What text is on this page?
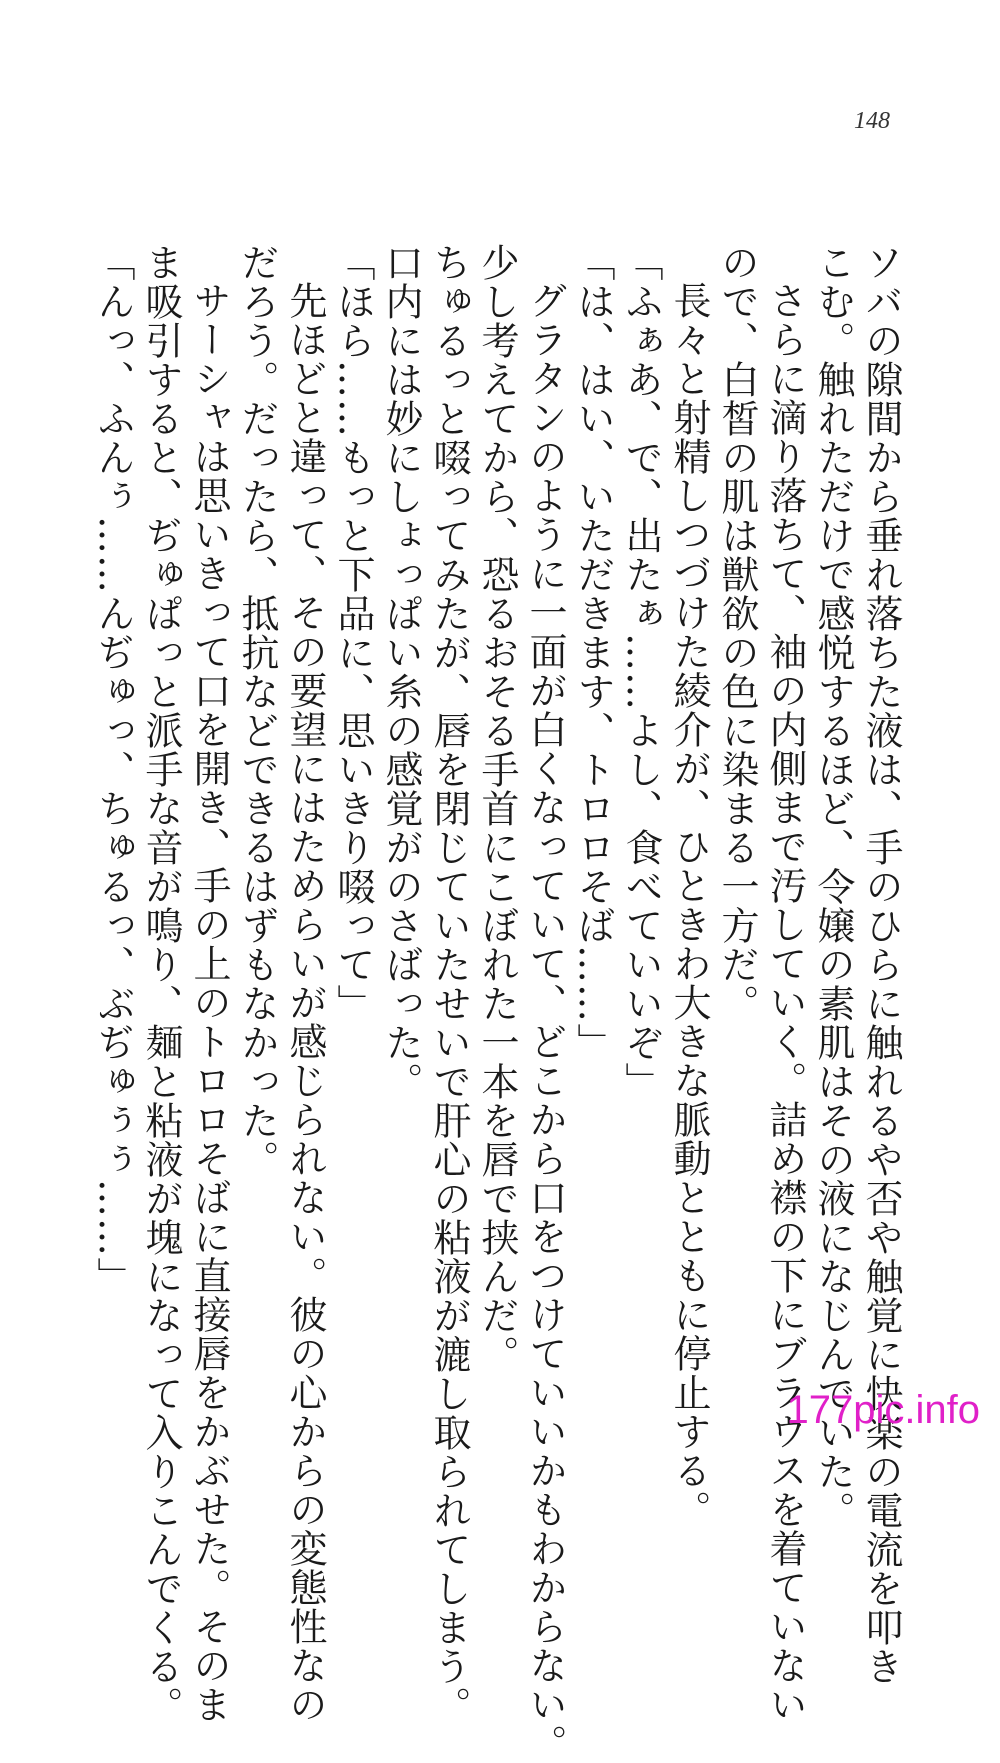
148
ソバの隙間から垂れ落ちた液は、手のひらに触れるや否や触覚に快楽の電流を叩き
こむ。触れただけで感悦するほど、令嬢の素肌はその液になじんでいた。
さらに滴り落ちて、袖の内側まで汚していく。詰め襟の下にブラウスを着ていない
ので、白皙の肌は獣欲の色に染まる一方だ。
長々と射精しつづけた綾介が、ひときわ大きな脈動とともに停止する。
「ふぁあ、で、出たぁ……よし、食べていいぞ」
「は、はい、いただきます、トロロそば……」
グラタンのように一面が白くなっていて、どこから口をつけていいかもわからない。
少し考えてから、恐るおそる手首にこぼれた一本を唇で挟んだ。
ちゅるっと啜ってみたが、唇を閉じていたせいで肝心の粘液が漉し取られてしまう。
口内には妙にしょっぱい糸の感覚がのさばった。
「ほら……もっと下品に、思いきり啜って」
先ほどと違って、その要望にはためらいが感じられない。彼の心からの変態性なの
だろう。だったら、抵抗などできるはずもなかった。
サーシャは思いきって口を開き、手の上のトロロそばに直接唇をかぶせた。そのま
ま吸引すると、ぢゅぱっと派手な音が鳴り、麺と粘液が塊になって入りこんでくる。
「んっ、ふんぅ……んぢゅっ、ちゅるっ、ぶぢゅぅぅ……」
177pic.info
